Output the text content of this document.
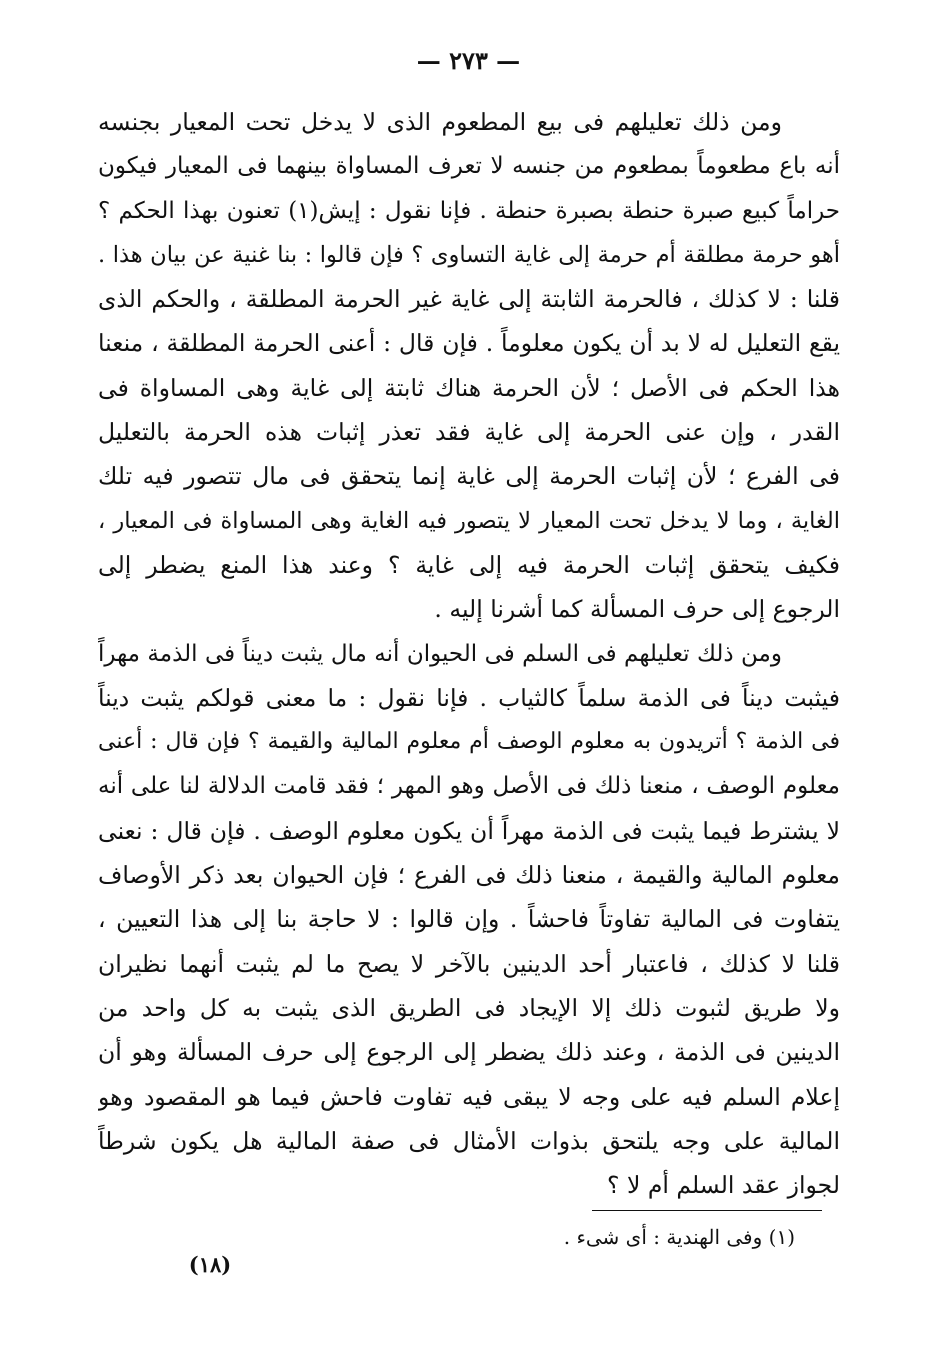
— ٢٧٣ —
ومن ذلك تعليلهم فى بيع المطعوم الذى لا يدخل تحت المعيار بجنسه
أنه باع مطعوماً بمطعوم من جنسه لا تعرف المساواة بينهما فى المعيار فيكون
حراماً كبيع صبرة حنطة بصبرة حنطة . فإنا نقول : إيش(١) تعنون بهذا الحكم ؟
أهو حرمة مطلقة أم حرمة إلى غاية التساوى ؟ فإن قالوا : بنا غنية عن بيان هذا .
قلنا : لا كذلك ، فالحرمة الثابتة إلى غاية غير الحرمة المطلقة ، والحكم الذى
يقع التعليل له لا بد أن يكون معلوماً . فإن قال : أعنى الحرمة المطلقة ، منعنا
هذا الحكم فى الأصل ؛ لأن الحرمة هناك ثابتة إلى غاية وهى المساواة فى
القدر ، وإن عنى الحرمة إلى غاية فقد تعذر إثبات هذه الحرمة بالتعليل
فى الفرع ؛ لأن إثبات الحرمة إلى غاية إنما يتحقق فى مال تتصور فيه تلك
الغاية ، وما لا يدخل تحت المعيار لا يتصور فيه الغاية وهى المساواة فى المعيار ،
فكيف يتحقق إثبات الحرمة فيه إلى غاية ؟ وعند هذا المنع يضطر إلى
الرجوع إلى حرف المسألة كما أشرنا إليه .
ومن ذلك تعليلهم فى السلم فى الحيوان أنه مال يثبت ديناً فى الذمة مهراً
فيثبت ديناً فى الذمة سلماً كالثياب . فإنا نقول : ما معنى قولكم يثبت ديناً
فى الذمة ؟ أتريدون به معلوم الوصف أم معلوم المالية والقيمة ؟ فإن قال : أعنى
معلوم الوصف ، منعنا ذلك فى الأصل وهو المهر ؛ فقد قامت الدلالة لنا على أنه
لا يشترط فيما يثبت فى الذمة مهراً أن يكون معلوم الوصف . فإن قال : نعنى
معلوم المالية والقيمة ، منعنا ذلك فى الفرع ؛ فإن الحيوان بعد ذكر الأوصاف
يتفاوت فى المالية تفاوتاً فاحشاً . وإن قالوا : لا حاجة بنا إلى هذا التعيين ،
قلنا لا كذلك ، فاعتبار أحد الدينين بالآخر لا يصح ما لم يثبت أنهما نظيران
ولا طريق لثبوت ذلك إلا الإيجاد فى الطريق الذى يثبت به كل واحد من
الدينين فى الذمة ، وعند ذلك يضطر إلى الرجوع إلى حرف المسألة وهو أن
إعلام السلم فيه على وجه لا يبقى فيه تفاوت فاحش فيما هو المقصود وهو
المالية على وجه يلتحق بذوات الأمثال فى صفة المالية هل يكون شرطاً
لجواز عقد السلم أم لا ؟
(١) وفى الهندية : أى شىء .
(١٨)
